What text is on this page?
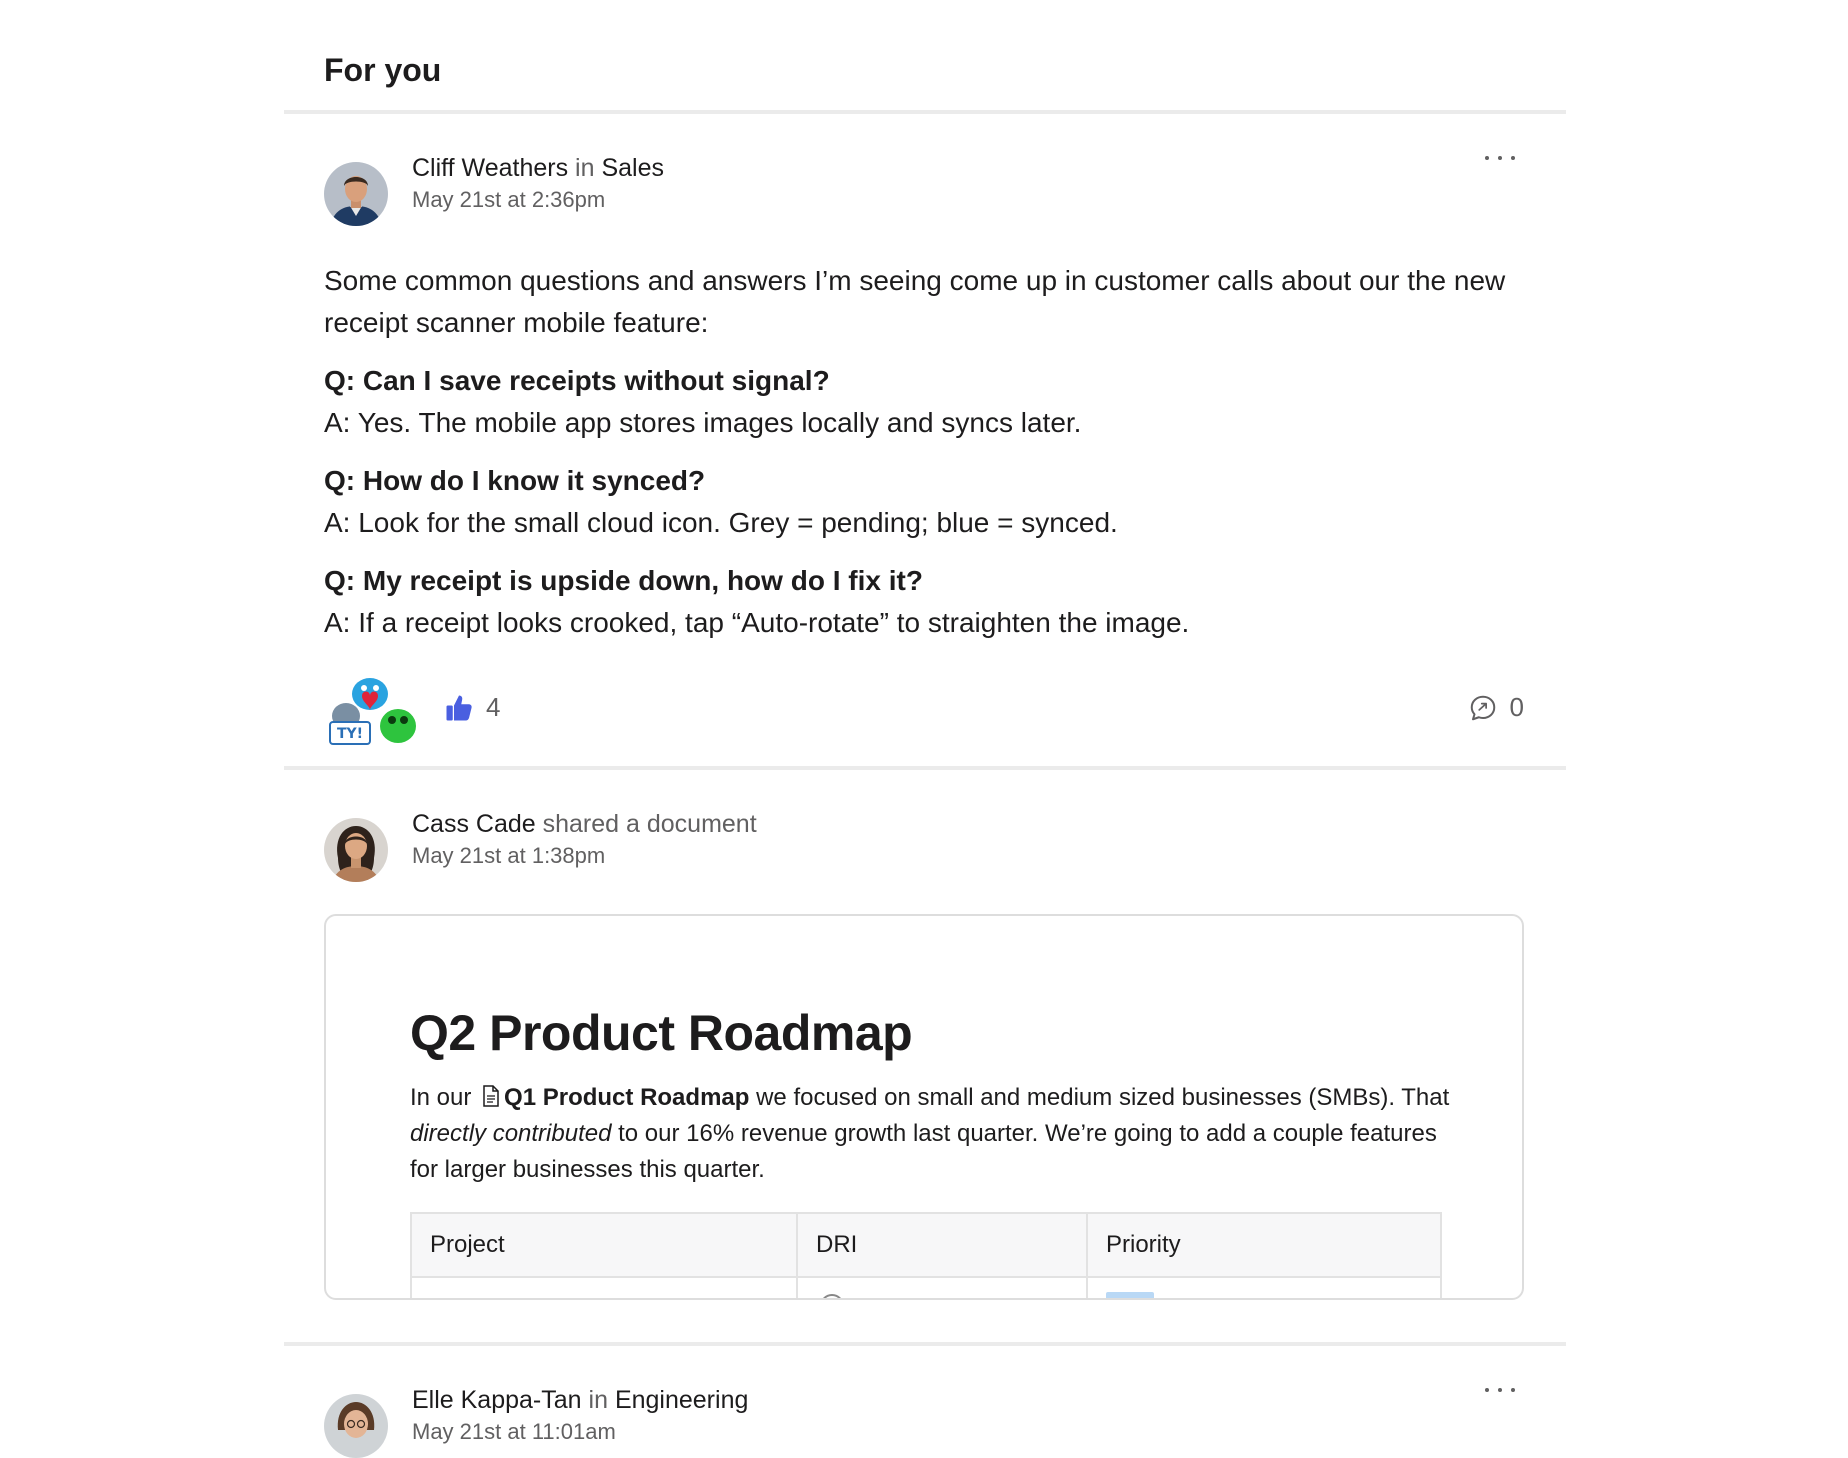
For you
Cliff Weathers in Sales
May 21st at 2:36pm

Some common questions and answers I’m seeing come up in customer calls about our the new receipt scanner mobile feature:

Q: Can I save receipts without signal?

A: Yes. The mobile app stores images locally and syncs later.

Q: How do I know it synced?

A: Look for the small cloud icon. Grey = pending; blue = synced.

Q: My receipt is upside down, how do I fix it?

A: If a receipt looks crooked, tap “Auto-rotate” to straighten the image.

TY!
4	0
Cass Cade shared a document
May 21st at 1:38pm
Q2 Product Roadmap

In our Q1 Product Roadmap we focused on small and medium sized businesses (SMBs). That directly contributed to our 16% revenue growth last quarter. We’re going to add a couple features for larger businesses this quarter.

Project	DRI	Priority

Elle Kappa-Tan in Engineering
May 21st at 11:01am
